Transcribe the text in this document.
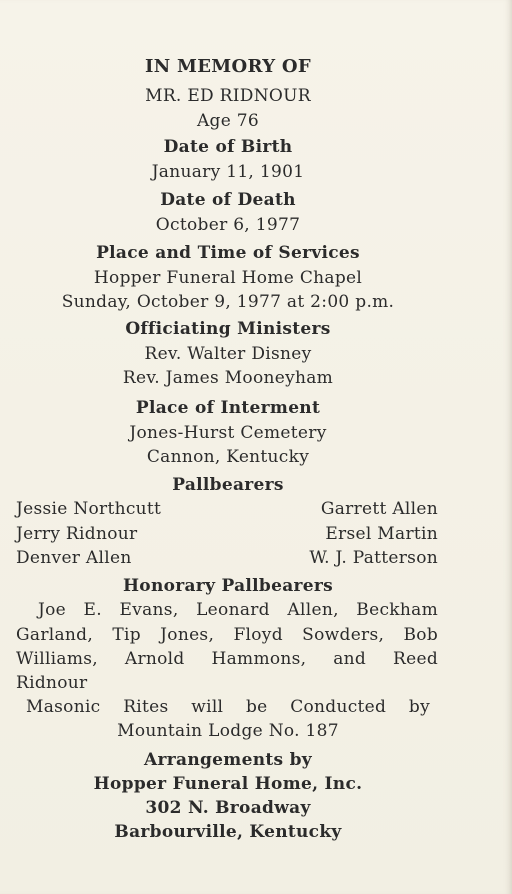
IN MEMORY OF
MR. ED RIDNOUR
Age 76
Date of Birth
January 11, 1901
Date of Death
October 6, 1977
Place and Time of Services
Hopper Funeral Home Chapel
Sunday, October 9, 1977 at 2:00 p.m.
Officiating Ministers
Rev. Walter Disney
Rev. James Mooneyham
Place of Interment
Jones-Hurst Cemetery
Cannon, Kentucky
Pallbearers
Jessie Northcutt
Jerry Ridnour
Denver Allen
Garrett Allen
Ersel Martin
W. J. Patterson
Honorary Pallbearers
Joe E. Evans, Leonard Allen, Beckham
Garland, Tip Jones, Floyd Sowders, Bob
Williams, Arnold Hammons, and Reed
Ridnour
Masonic Rites will be Conducted by
Mountain Lodge No. 187
Arrangements by
Hopper Funeral Home, Inc.
302 N. Broadway
Barbourville, Kentucky
